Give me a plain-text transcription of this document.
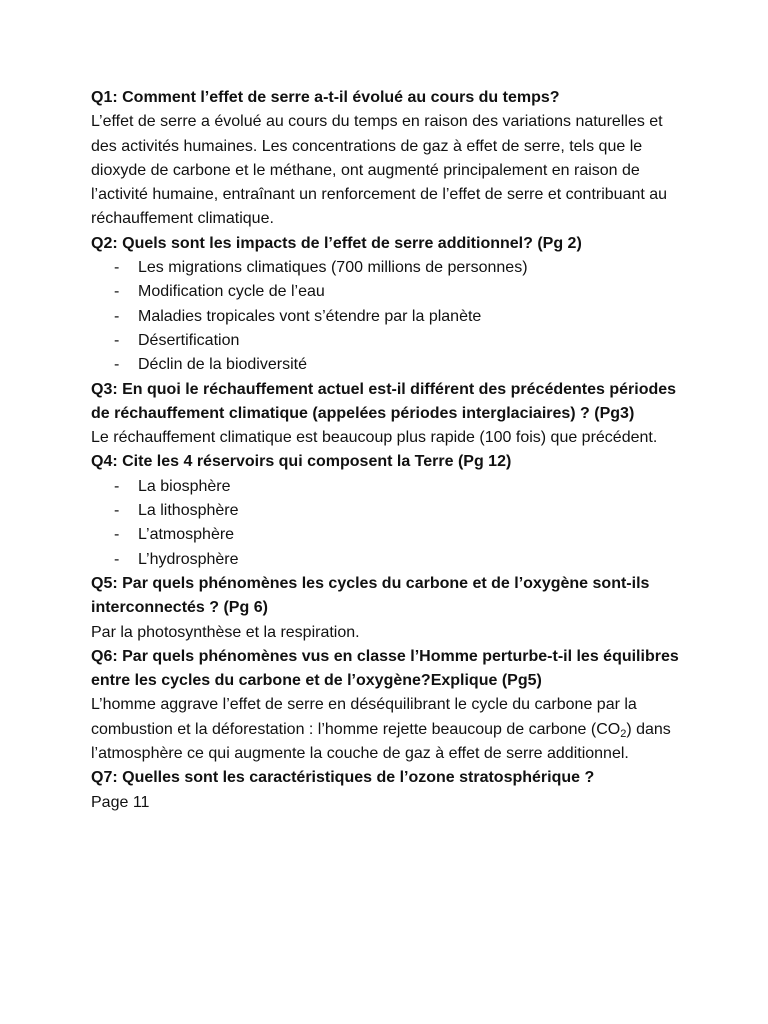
Q1: Comment l’effet de serre a-t-il évolué au cours du temps?

L’effet de serre a évolué au cours du temps en raison des variations naturelles et des activités humaines. Les concentrations de gaz à effet de serre, tels que le dioxyde de carbone et le méthane, ont augmenté principalement en raison de l’activité humaine, entraînant un renforcement de l’effet de serre et contribuant au réchauffement climatique.

Q2: Quels sont les impacts de l’effet de serre additionnel? (Pg 2)

- Les migrations climatiques (700 millions de personnes)
- Modification cycle de l’eau
- Maladies tropicales vont s’étendre par la planète
- Désertification
- Déclin de la biodiversité

Q3: En quoi le réchauffement actuel est-il différent des précédentes périodes de réchauffement climatique (appelées périodes interglaciaires) ? (Pg3)

Le réchauffement climatique est beaucoup plus rapide (100 fois) que précédent.

Q4: Cite les 4 réservoirs qui composent la Terre (Pg 12)

- La biosphère
- La lithosphère
- L’atmosphère
- L’hydrosphère

Q5: Par quels phénomènes les cycles du carbone et de l’oxygène sont-ils interconnectés ? (Pg 6)

Par la photosynthèse et la respiration.

Q6: Par quels phénomènes vus en classe l’Homme perturbe-t-il les équilibres entre les cycles du carbone et de l’oxygène?Explique (Pg5)

L’homme aggrave l’effet de serre en déséquilibrant le cycle du carbone par la combustion et la déforestation : l’homme rejette beaucoup de carbone $(CO_2)$ dans l’atmosphère ce qui augmente la couche de gaz à effet de serre additionnel.

Q7: Quelles sont les caractéristiques de l’ozone stratosphérique ?

Page 11
